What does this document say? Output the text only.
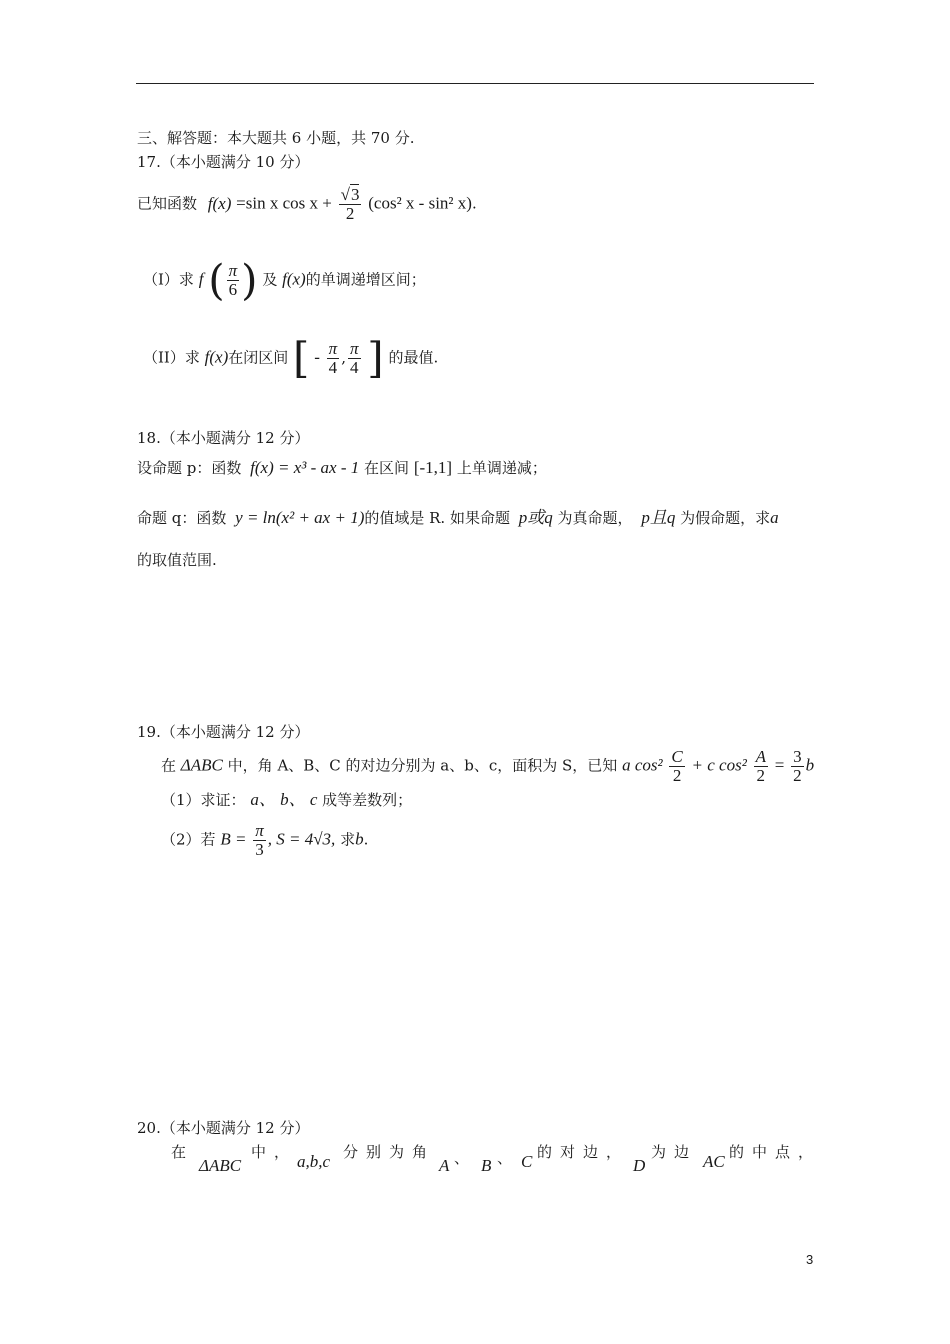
三、解答题：本大题共 6 小题，共 70 分.
17.（本小题满分 10 分）
已知函数 f(x) =sin x $\cos x + \frac{√3}{2} (\cos^2$ x - sin² x).
（I）求 f ( $\frac{\pi}{6}$ ) 及 f(x)的单调递增区间；
（II）求 f(x)在闭区间 [ - $\frac{\pi}{4}$ , $\frac{\pi}{4}$ ] 的最值.
18.（本小题满分 12 分）
设命题 p：函数 f(x) = x³ - ax - 1 在区间 [-1,1] 上单调递减；
命题 q：函数 y = ln(x² + ax + 1)的值域是 R. 如果命题 p或q 为真命题， p且q 为假命题，求a
的取值范围.
19.（本小题满分 12 分）
在 ΔABC 中，角 A、B、C 的对边分别为 a、b、c，面积为 S，已知 a $\cos^2 \frac{C}{2} + c$ $\cos^2 \frac{A}{2} = \frac{3}{2}$ b
（1）求证： a、 b、 c 成等差数列；
（2）若 $B = \frac{\pi}{3}$ , S = 4√3, 求b.
20.（本小题满分 12 分）
在
ΔABC
中， a,b,c 分别为角
A 、 B 、 C 的对边，
D
为边 AC 的中点，
3
